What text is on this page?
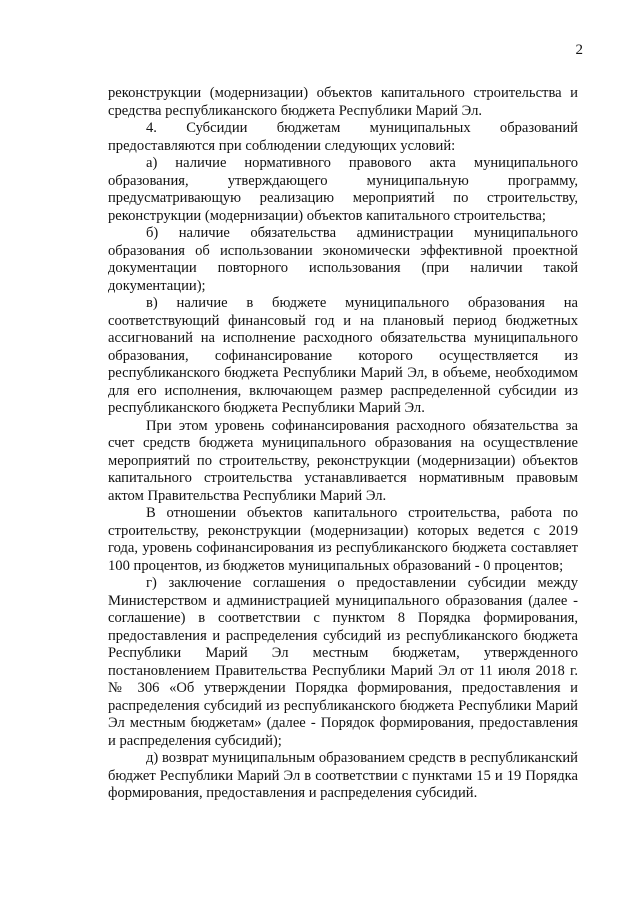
2

реконструкции (модернизации) объектов капитального строительства и средства республиканского бюджета Республики Марий Эл.

4. Субсидии бюджетам муниципальных образований предоставляются при соблюдении следующих условий:

а) наличие нормативного правового акта муниципального образования, утверждающего муниципальную программу, предусматривающую реализацию мероприятий по строительству, реконструкции (модернизации) объектов капитального строительства;

б) наличие обязательства администрации муниципального образования об использовании экономически эффективной проектной документации повторного использования (при наличии такой документации);

в) наличие в бюджете муниципального образования на соответствующий финансовый год и на плановый период бюджетных ассигнований на исполнение расходного обязательства муниципального образования, софинансирование которого осуществляется из республиканского бюджета Республики Марий Эл, в объеме, необходимом для его исполнения, включающем размер распределенной субсидии из республиканского бюджета Республики Марий Эл.

При этом уровень софинансирования расходного обязательства за счет средств бюджета муниципального образования на осуществление мероприятий по строительству, реконструкции (модернизации) объектов капитального строительства устанавливается нормативным правовым актом Правительства Республики Марий Эл.

В отношении объектов капитального строительства, работа по строительству, реконструкции (модернизации) которых ведется с 2019 года, уровень софинансирования из республиканского бюджета составляет 100 процентов, из бюджетов муниципальных образований - 0 процентов;

г) заключение соглашения о предоставлении субсидии между Министерством и администрацией муниципального образования (далее - соглашение) в соответствии с пунктом 8 Порядка формирования, предоставления и распределения субсидий из республиканского бюджета Республики Марий Эл местным бюджетам, утвержденного постановлением Правительства Республики Марий Эл от 11 июля 2018 г. № 306 «Об утверждении Порядка формирования, предоставления и распределения субсидий из республиканского бюджета Республики Марий Эл местным бюджетам» (далее - Порядок формирования, предоставления и распределения субсидий);

д) возврат муниципальным образованием средств в республиканский бюджет Республики Марий Эл в соответствии с пунктами 15 и 19 Порядка формирования, предоставления и распределения субсидий.
